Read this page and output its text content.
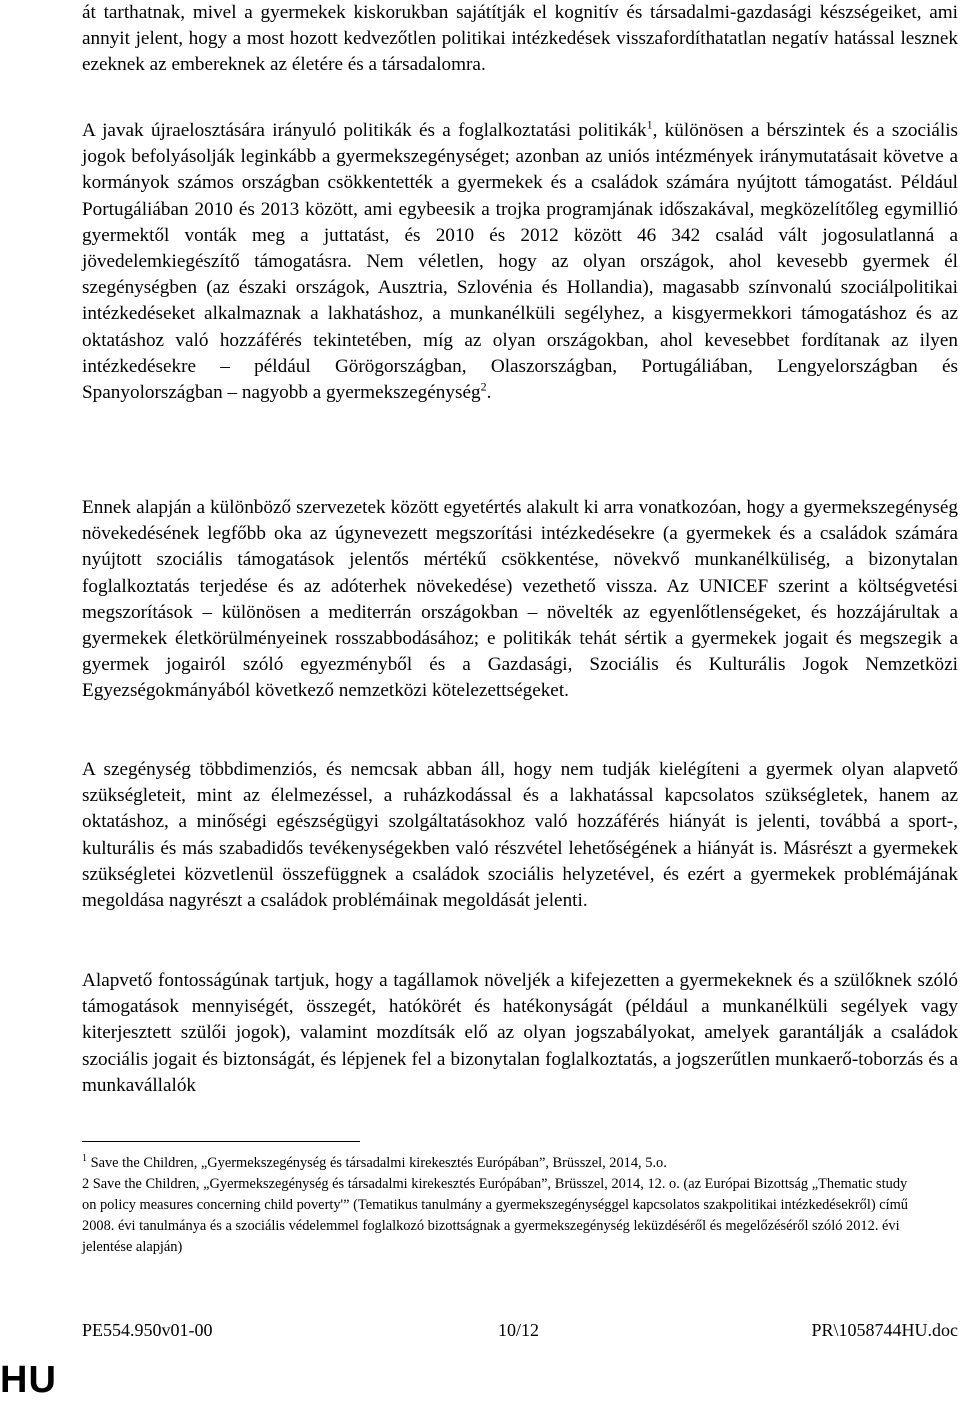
át tarthatnak, mivel a gyermekek kiskorukban sajátítják el kognitív és társadalmi-gazdasági készségeiket, ami annyit jelent, hogy a most hozott kedvezőtlen politikai intézkedések visszafordíthatatlan negatív hatással lesznek ezeknek az embereknek az életére és a társadalomra.

A javak újraelosztására irányuló politikák és a foglalkoztatási politikák$^1$, különösen a bérszintek és a szociális jogok befolyásolják leginkább a gyermekszegénységet; azonban az uniós intézmények iránymutatásait követve a kormányok számos országban csökkentették a gyermekek és a családok számára nyújtott támogatást. Például Portugáliában 2010 és 2013 között, ami egybeesik a trojka programjának időszakával, megközelítőleg egymillió gyermektől vonták meg a juttatást, és 2010 és 2012 között 46 342 család vált jogosulatlanná a jövedelemkiegészítő támogatásra. Nem véletlen, hogy az olyan országok, ahol kevesebb gyermek él szegénységben (az északi országok, Ausztria, Szlovénia és Hollandia), magasabb színvonalú szociálpolitikai intézkedéseket alkalmaznak a lakhatáshoz, a munkanélküli segélyhez, a kisgyermekkori támogatáshoz és az oktatáshoz való hozzáférés tekintetében, míg az olyan országokban, ahol kevesebbet fordítanak az ilyen intézkedésekre – például Görögországban, Olaszországban, Portugáliában, Lengyelországban és Spanyolországban – nagyobb a gyermekszegénység$^2$.

Ennek alapján a különböző szervezetek között egyetértés alakult ki arra vonatkozóan, hogy a gyermekszegénység növekedésének legfőbb oka az úgynevezett megszorítási intézkedésekre (a gyermekek és a családok számára nyújtott szociális támogatások jelentős mértékű csökkentése, növekvő munkanélküliség, a bizonytalan foglalkoztatás terjedése és az adóterhek növekedése) vezethető vissza. Az UNICEF szerint a költségvetési megszorítások – különösen a mediterrán országokban – növelték az egyenlőtlenségeket, és hozzájárultak a gyermekek életkörülményeinek rosszabbodásához; e politikák tehát sértik a gyermekek jogait és megszegik a gyermek jogairól szóló egyezményből és a Gazdasági, Szociális és Kulturális Jogok Nemzetközi Egyezségokmányából következő nemzetközi kötelezettségeket.

A szegénység többdimenziós, és nemcsak abban áll, hogy nem tudják kielégíteni a gyermek olyan alapvető szükségleteit, mint az élelmezéssel, a ruházkodással és a lakhatással kapcsolatos szükségletek, hanem az oktatáshoz, a minőségi egészségügyi szolgáltatásokhoz való hozzáférés hiányát is jelenti, továbbá a sport-, kulturális és más szabadidős tevékenységekben való részvétel lehetőségének a hiányát is. Másrészt a gyermekek szükségletei közvetlenül összefüggnek a családok szociális helyzetével, és ezért a gyermekek problémájának megoldása nagyrészt a családok problémáinak megoldását jelenti.

Alapvető fontosságúnak tartjuk, hogy a tagállamok növeljék a kifejezetten a gyermekeknek és a szülőknek szóló támogatások mennyiségét, összegét, hatókörét és hatékonyságát (például a munkanélküli segélyek vagy kiterjesztett szülői jogok), valamint mozdítsák elő az olyan jogszabályokat, amelyek garantálják a családok szociális jogait és biztonságát, és lépjenek fel a bizonytalan foglalkoztatás, a jogszerűtlen munkaerő-toborzás és a munkavállalók

$^1$ Save the Children, „Gyermekszegénység és társadalmi kirekesztés Európában”, Brüsszel, 2014, 5.o.

2 Save the Children, „Gyermekszegénység és társadalmi kirekesztés Európában”, Brüsszel, 2014, 12. o. (az Európai Bizottság „Thematic study on policy measures concerning child poverty'” (Tematikus tanulmány a gyermekszegénységgel kapcsolatos szakpolitikai intézkedésekről) című 2008. évi tanulmánya és a szociális védelemmel foglalkozó bizottságnak a gyermekszegénység leküzdéséről és megelőzéséről szóló 2012. évi jelentése alapján)

PE554.950v01-00	10/12	PR\1058744HU.doc
HU
